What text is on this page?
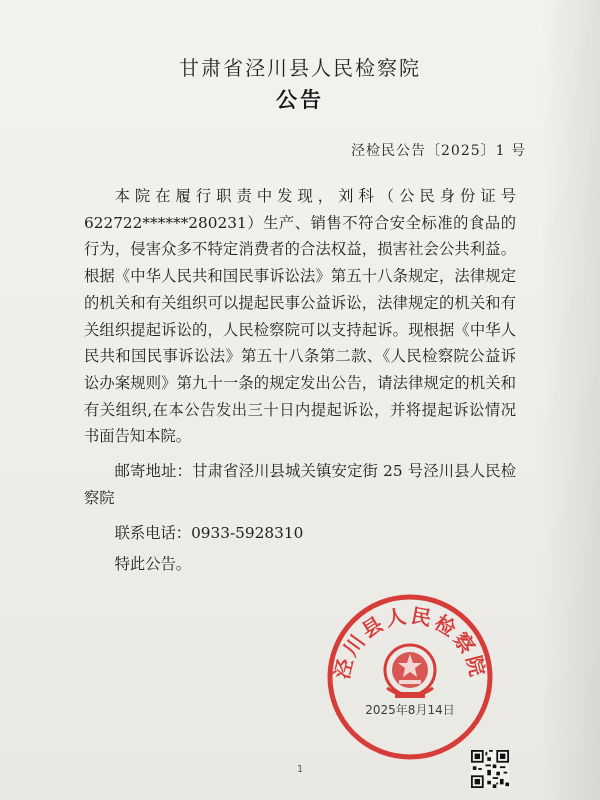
甘肃省泾川县人民检察院
公告
泾检民公告〔2025〕1 号

本院在履行职责中发现，刘科（公民身份证号622722******280231）生产、销售不符合安全标准的食品的行为，侵害众多不特定消费者的合法权益，损害社会公共利益。根据《中华人民共和国民事诉讼法》第五十八条规定，法律规定的机关和有关组织可以提起民事公益诉讼，法律规定的机关和有关组织提起诉讼的，人民检察院可以支持起诉。现根据《中华人民共和国民事诉讼法》第五十八条第二款、《人民检察院公益诉讼办案规则》第九十一条的规定发出公告，请法律规定的机关和有关组织,在本公告发出三十日内提起诉讼，并将提起诉讼情况书面告知本院。

邮寄地址：甘肃省泾川县城关镇安定街 25 号泾川县人民检察院

联系电话：0933-5928310

特此公告。

泾川县人民检察院
2025年8月14日
1
